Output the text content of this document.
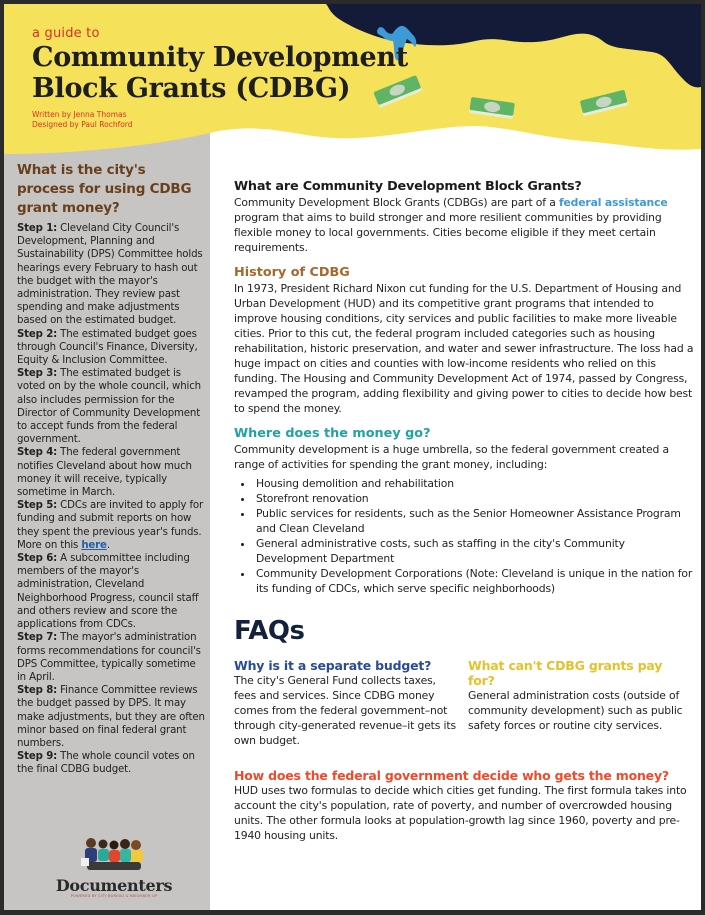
a guide to
Community Development
Block Grants (CDBG)
Written by Jenna Thomas
Designed by Paul Rochford
What is the city's process for using CDBG grant money?
Step 1: Cleveland City Council's Development, Planning and Sustainability (DPS) Committee holds hearings every February to hash out the budget with the mayor's administration. They review past spending and make adjustments based on the estimated budget.
Step 2: The estimated budget goes through Council's Finance, Diversity, Equity & Inclusion Committee.
Step 3: The estimated budget is voted on by the whole council, which also includes permission for the Director of Community Development to accept funds from the federal government.
Step 4: The federal government notifies Cleveland about how much money it will receive, typically sometime in March.
Step 5: CDCs are invited to apply for funding and submit reports on how they spent the previous year's funds. More on this here.
Step 6: A subcommittee including members of the mayor's administration, Cleveland Neighborhood Progress, council staff and others review and score the applications from CDCs.
Step 7: The mayor's administration forms recommendations for council's DPS Committee, typically sometime in April.
Step 8: Finance Committee reviews the budget passed by DPS. It may make adjustments, but they are often minor based on final federal grant numbers.
Step 9: The whole council votes on the final CDBG budget.
Documenters
POWERED BY CITY BUREAU & NEIGHBOR UP
What are Community Development Block Grants?

Community Development Block Grants (CDBGs) are part of a federal assistance program that aims to build stronger and more resilient communities by providing flexible money to local governments. Cities become eligible if they meet certain requirements.

History of CDBG

In 1973, President Richard Nixon cut funding for the U.S. Department of Housing and Urban Development (HUD) and its competitive grant programs that intended to improve housing conditions, city services and public facilities to make more liveable cities. Prior to this cut, the federal program included categories such as housing rehabilitation, historic preservation, and water and sewer infrastructure. The loss had a huge impact on cities and counties with low-income residents who relied on this funding. The Housing and Community Development Act of 1974, passed by Congress, revamped the program, adding flexibility and giving power to cities to decide how best to spend the money.

Where does the money go?

Community development is a huge umbrella, so the federal government created a range of activities for spending the grant money, including:

• Housing demolition and rehabilitation
• Storefront renovation
• Public services for residents, such as the Senior Homeowner Assistance Program and Clean Cleveland
• General administrative costs, such as staffing in the city's Community Development Department
• Community Development Corporations (Note: Cleveland is unique in the nation for its funding of CDCs, which serve specific neighborhoods)
FAQs
Why is it a separate budget?

The city's General Fund collects taxes, fees and services. Since CDBG money comes from the federal government–not through city-generated revenue–it gets its own budget.

What can't CDBG grants pay for?

General administration costs (outside of community development) such as public safety forces or routine city services.

How does the federal government decide who gets the money?

HUD uses two formulas to decide which cities get funding. The first formula takes into account the city's population, rate of poverty, and number of overcrowded housing units. The other formula looks at population-growth lag since 1960, poverty and pre-1940 housing units.
